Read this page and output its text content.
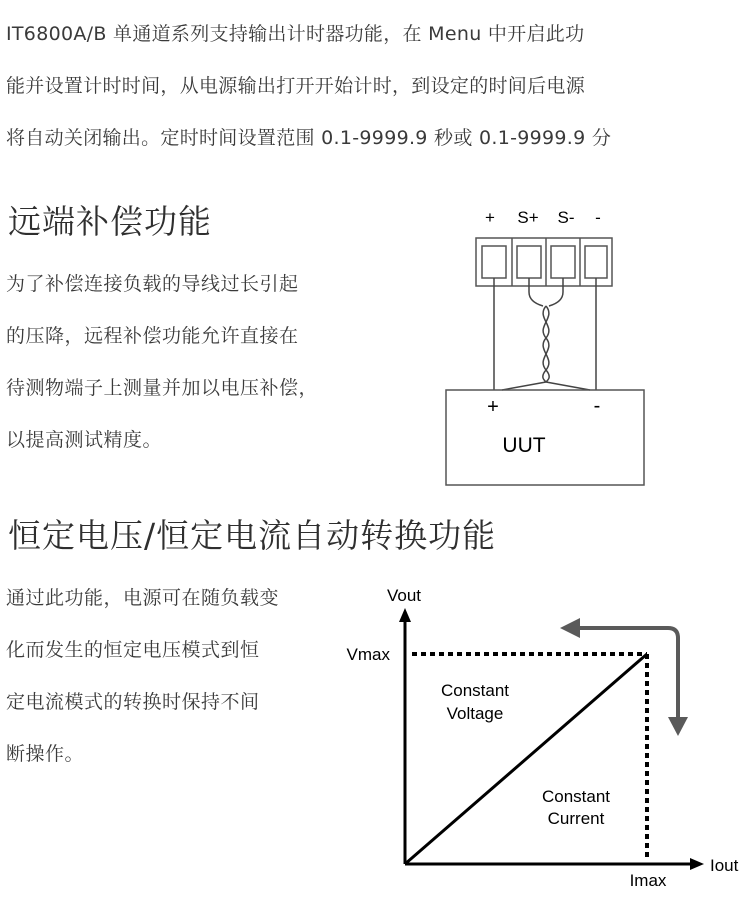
IT6800A/B 单通道系列支持输出计时器功能，在 Menu 中开启此功
能并设置计时时间，从电源输出打开开始计时，到设定的时间后电源
将自动关闭输出。定时时间设置范围 0.1-9999.9 秒或 0.1-9999.9 分
远端补偿功能
为了补偿连接负载的导线过长引起
的压降，远程补偿功能允许直接在
待测物端子上测量并加以电压补偿，
以提高测试精度。
+ S+ S- -
+	-
UUT
恒定电压/恒定电流自动转换功能
通过此功能，电源可在随负载变
化而发生的恒定电压模式到恒
定电流模式的转换时保持不间
断操作。
Vout
Iout
Vmax
Imax
Constant
Voltage
Constant
Current
